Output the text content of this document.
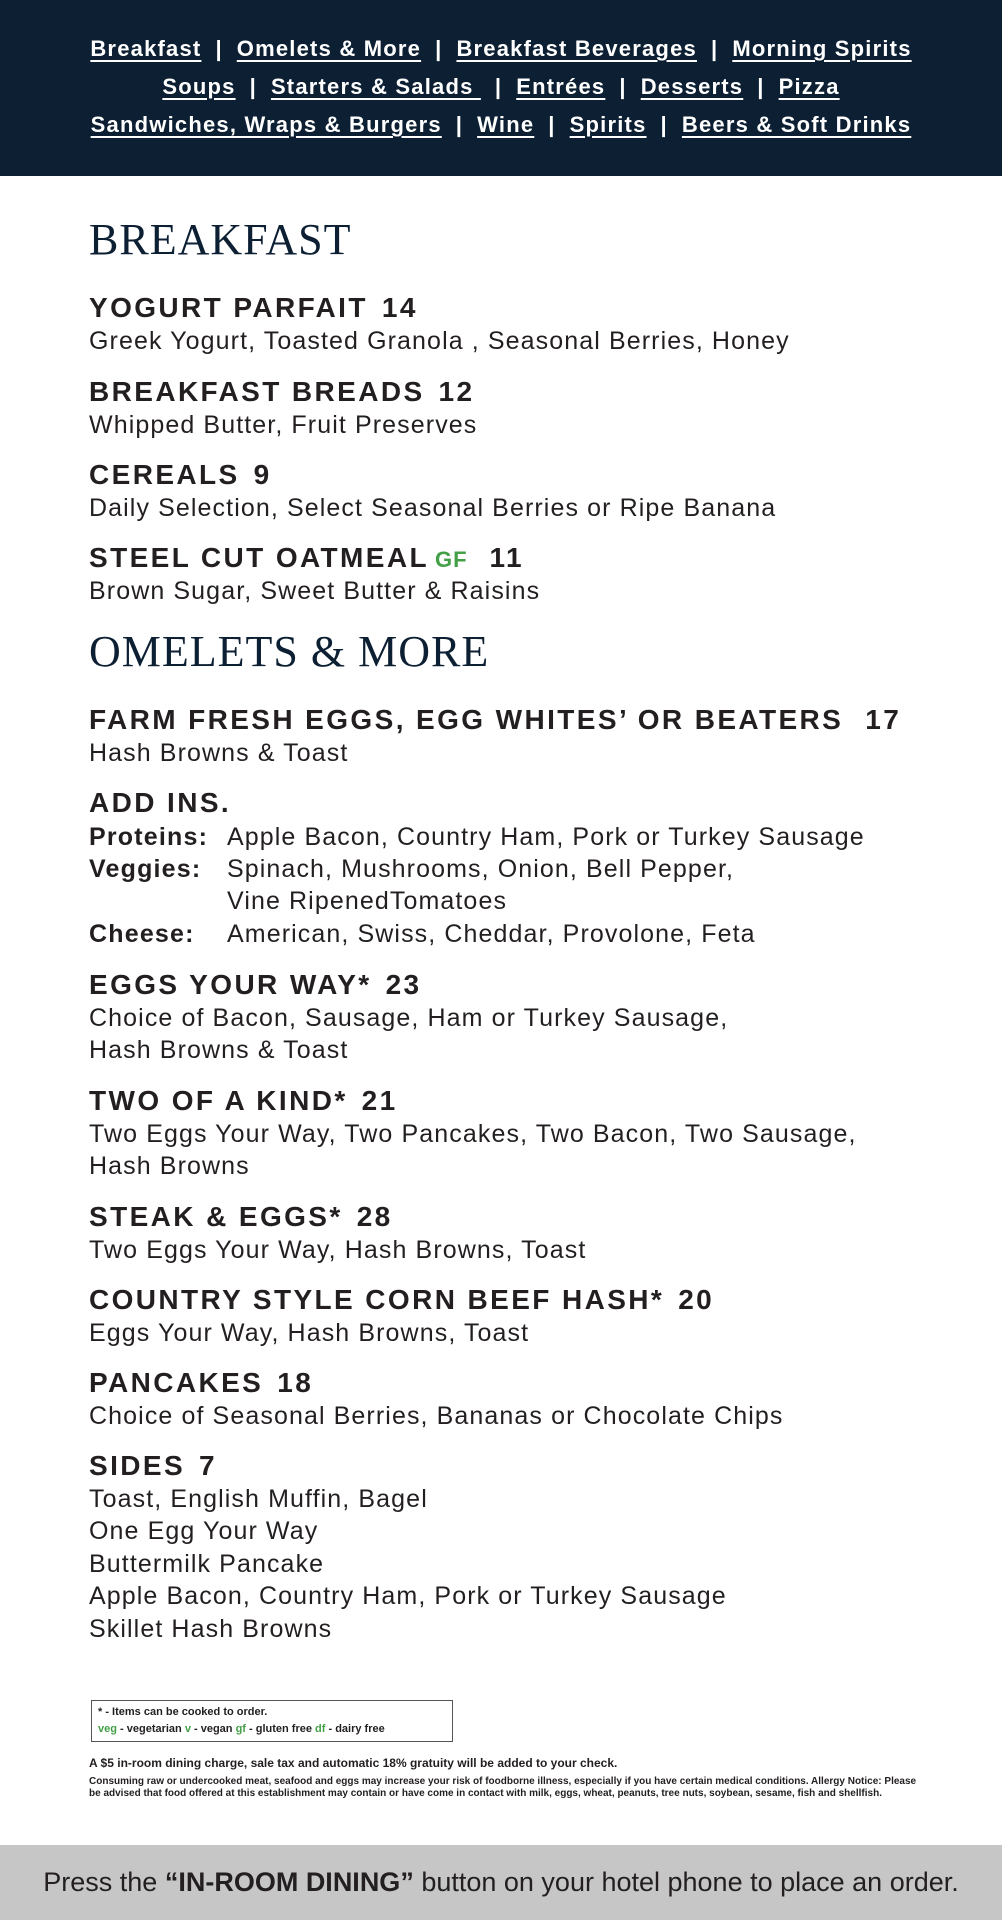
Breakfast | Omelets & More | Breakfast Beverages | Morning Spirits
Soups | Starters & Salads | Entrées | Desserts | Pizza
Sandwiches, Wraps & Burgers | Wine | Spirits | Beers & Soft Drinks
BREAKFAST
YOGURT PARFAIT 14
Greek Yogurt, Toasted Granola , Seasonal Berries, Honey
BREAKFAST BREADS 12
Whipped Butter, Fruit Preserves
CEREALS 9
Daily Selection, Select Seasonal Berries or Ripe Banana
STEEL CUT OATMEAL GF 11
Brown Sugar, Sweet Butter & Raisins
OMELETS & MORE
FARM FRESH EGGS, EGG WHITES’ OR BEATERS 17
Hash Browns & Toast
ADD INS.
Proteins: Apple Bacon, Country Ham, Pork or Turkey Sausage
Veggies: Spinach, Mushrooms, Onion, Bell Pepper,
Vine RipenedTomatoes
Cheese: American, Swiss, Cheddar, Provolone, Feta
EGGS YOUR WAY* 23
Choice of Bacon, Sausage, Ham or Turkey Sausage,
Hash Browns & Toast
TWO OF A KIND* 21
Two Eggs Your Way, Two Pancakes, Two Bacon, Two Sausage,
Hash Browns
STEAK & EGGS* 28
Two Eggs Your Way, Hash Browns, Toast
COUNTRY STYLE CORN BEEF HASH* 20
Eggs Your Way, Hash Browns, Toast
PANCAKES 18
Choice of Seasonal Berries, Bananas or Chocolate Chips
SIDES 7
Toast, English Muffin, Bagel
One Egg Your Way
Buttermilk Pancake
Apple Bacon, Country Ham, Pork or Turkey Sausage
Skillet Hash Browns
* - Items can be cooked to order.
veg - vegetarian v - vegan gf - gluten free df - dairy free
A $5 in-room dining charge, sale tax and automatic 18% gratuity will be added to your check.
Consuming raw or undercooked meat, seafood and eggs may increase your risk of foodborne illness, especially if you have certain medical conditions. Allergy Notice: Please be advised that food offered at this establishment may contain or have come in contact with milk, eggs, wheat, peanuts, tree nuts, soybean, sesame, fish and shellfish.
Press the “IN-ROOM DINING” button on your hotel phone to place an order.
